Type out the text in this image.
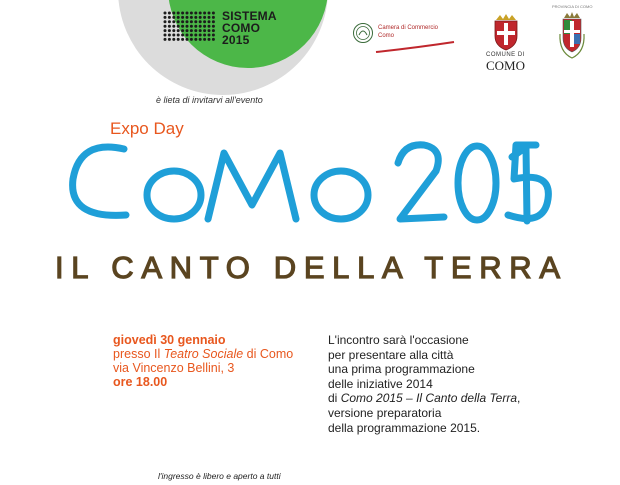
SISTEMA
COMO
2015
è lieta di invitarvi all'evento
Expo Day
Camera di Commercio
Como
COMUNE DI
COMO
PROVINCIA DI COMO
IL CANTO DELLA TERRA
giovedì 30 gennaio
presso Il Teatro Sociale di Como
via Vincenzo Bellini, 3
ore 18.00
L'incontro sarà l'occasione
per presentare alla città
una prima programmazione
delle iniziative 2014
di Como 2015 – Il Canto della Terra,
versione preparatoria
della programmazione 2015.
l'ingresso è libero e aperto a tutti
